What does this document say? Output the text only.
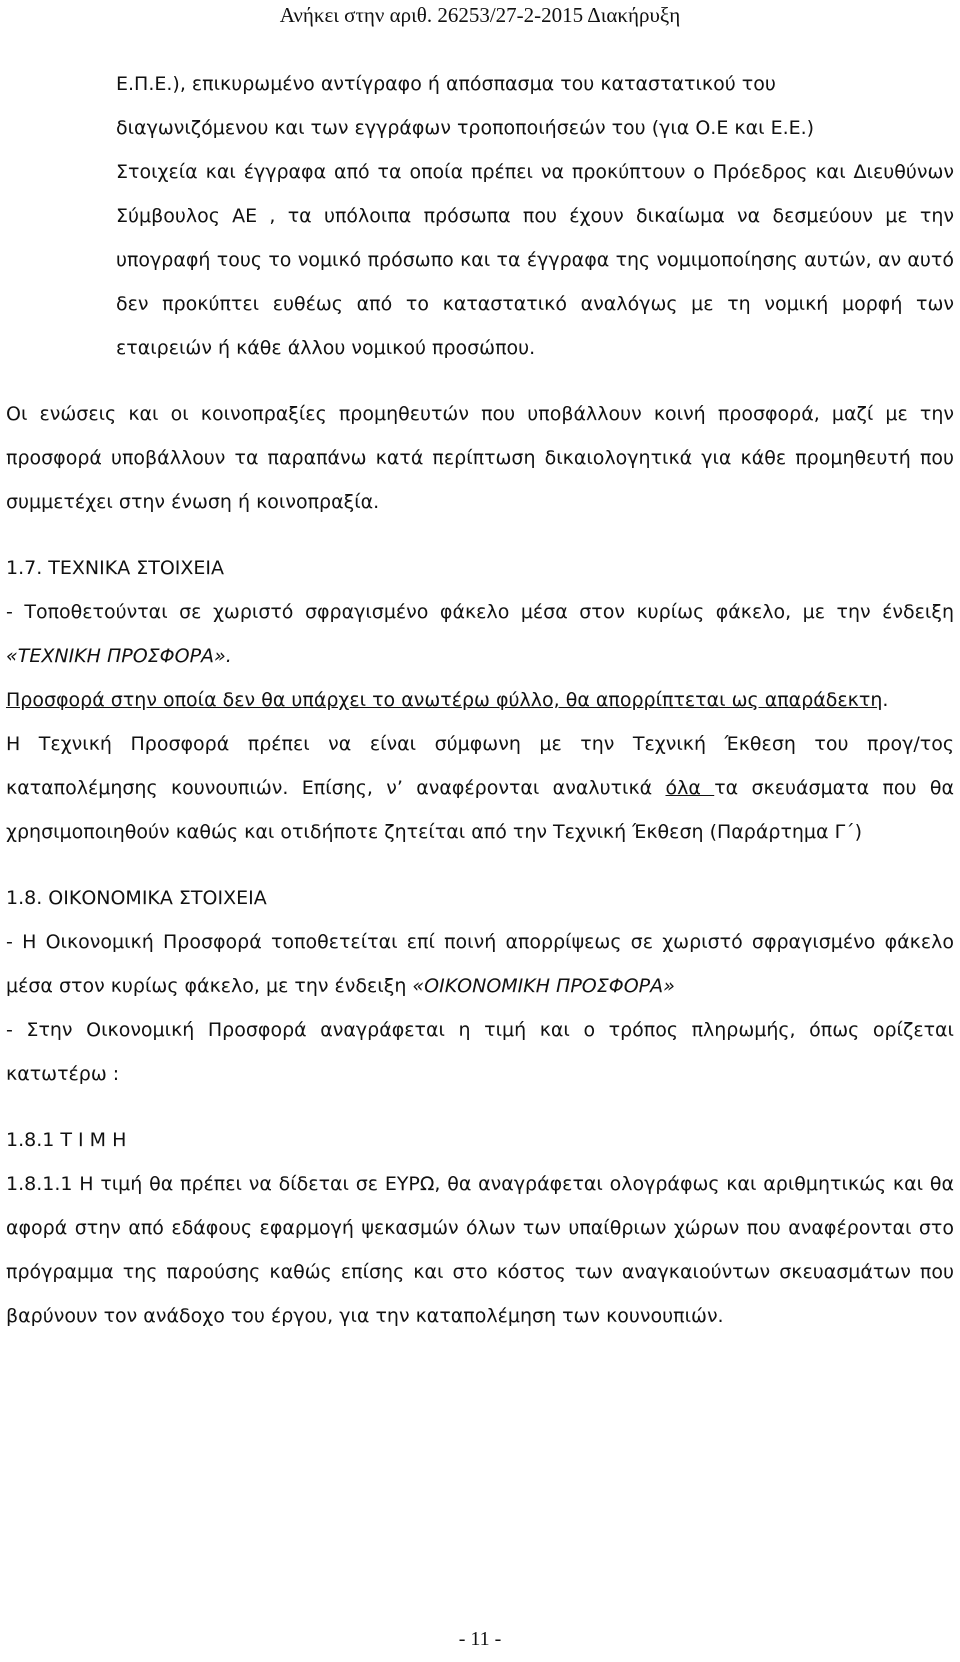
Ανήκει στην αριθ. 26253/27-2-2015 Διακήρυξη

Ε.Π.Ε.), επικυρωμένο αντίγραφο ή απόσπασμα του καταστατικού του

διαγωνιζόμενου και των εγγράφων τροποποιήσεών του (για Ο.Ε και Ε.Ε.)

Στοιχεία και έγγραφα από τα οποία πρέπει να προκύπτουν ο Πρόεδρος και Διευθύνων Σύμβουλος ΑΕ , τα υπόλοιπα πρόσωπα που έχουν δικαίωμα να δεσμεύουν με την υπογραφή τους το νομικό πρόσωπο και τα έγγραφα της νομιμοποίησης αυτών, αν αυτό δεν προκύπτει ευθέως από το καταστατικό αναλόγως με τη νομική μορφή των εταιρειών ή κάθε άλλου νομικού προσώπου.

Οι ενώσεις και οι κοινοπραξίες προμηθευτών που υποβάλλουν κοινή προσφορά, μαζί με την προσφορά υποβάλλουν τα παραπάνω κατά περίπτωση δικαιολογητικά για κάθε προμηθευτή που συμμετέχει στην ένωση ή κοινοπραξία.

1.7. ΤΕΧΝΙΚΑ ΣΤΟΙΧΕΙΑ

- Τοποθετούνται σε χωριστό σφραγισμένο φάκελο μέσα στον κυρίως φάκελο, με την ένδειξη «ΤΕΧΝΙΚΗ ΠΡΟΣΦΟΡΑ».

Προσφορά στην οποία δεν θα υπάρχει το ανωτέρω φύλλο, θα απορρίπτεται ως απαράδεκτη.

Η Τεχνική Προσφορά πρέπει να είναι σύμφωνη με την Τεχνική Έκθεση του προγ/τος καταπολέμησης κουνουπιών. Επίσης, ν’ αναφέρονται αναλυτικά όλα τα σκευάσματα που θα χρησιμοποιηθούν καθώς και οτιδήποτε ζητείται από την Τεχνική Έκθεση (Παράρτημα Γ΄)

1.8. ΟΙΚΟΝΟΜΙΚΑ ΣΤΟΙΧΕΙΑ

- Η Οικονομική Προσφορά τοποθετείται επί ποινή απορρίψεως σε χωριστό σφραγισμένο φάκελο μέσα στον κυρίως φάκελο, με την ένδειξη «ΟΙΚΟΝΟΜΙΚΗ ΠΡΟΣΦΟΡΑ»

- Στην Οικονομική Προσφορά αναγράφεται η τιμή και ο τρόπος πληρωμής, όπως ορίζεται κατωτέρω :

1.8.1 Τ Ι Μ Η

1.8.1.1 Η τιμή θα πρέπει να δίδεται σε ΕΥΡΩ, θα αναγράφεται ολογράφως και αριθμητικώς και θα αφορά στην από εδάφους εφαρμογή ψεκασμών όλων των υπαίθριων χώρων που αναφέρονται στο πρόγραμμα της παρούσης καθώς επίσης και στο κόστος των αναγκαιούντων σκευασμάτων που βαρύνουν τον ανάδοχο του έργου, για την καταπολέμηση των κουνουπιών.

- 11 -
